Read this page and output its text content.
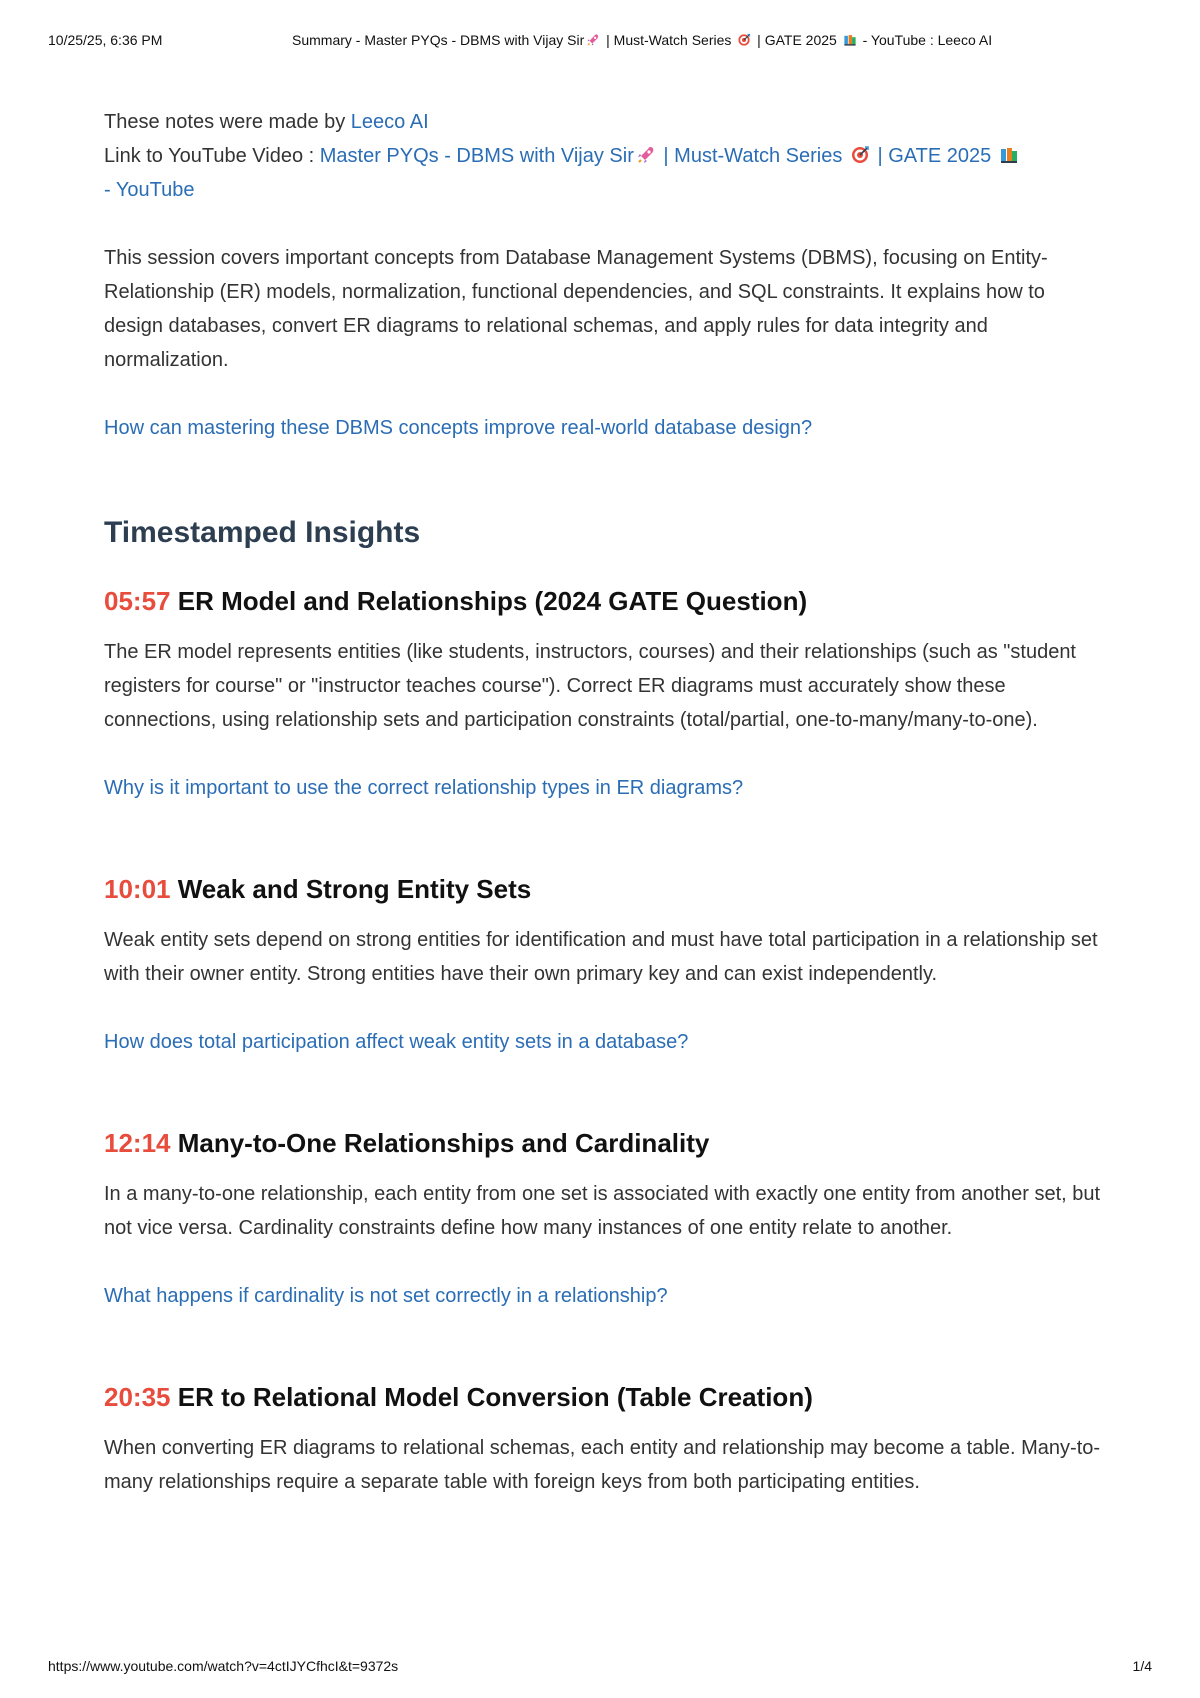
10/25/25, 6:36 PM	Summary - Master PYQs - DBMS with Vijay Sir | Must-Watch Series  | GATE 2025  - YouTube : Leeco AI
These notes were made by Leeco AI
Link to YouTube Video : Master PYQs - DBMS with Vijay Sir | Must-Watch Series  | GATE 2025
- YouTube
This session covers important concepts from Database Management Systems (DBMS), focusing on Entity-Relationship (ER) models, normalization, functional dependencies, and SQL constraints. It explains how to design databases, convert ER diagrams to relational schemas, and apply rules for data integrity and normalization.
How can mastering these DBMS concepts improve real-world database design?
Timestamped Insights
05:57 ER Model and Relationships (2024 GATE Question)
The ER model represents entities (like students, instructors, courses) and their relationships (such as "student registers for course" or "instructor teaches course"). Correct ER diagrams must accurately show these connections, using relationship sets and participation constraints (total/partial, one-to-many/many-to-one).
Why is it important to use the correct relationship types in ER diagrams?
10:01 Weak and Strong Entity Sets
Weak entity sets depend on strong entities for identification and must have total participation in a relationship set with their owner entity. Strong entities have their own primary key and can exist independently.
How does total participation affect weak entity sets in a database?
12:14 Many-to-One Relationships and Cardinality
In a many-to-one relationship, each entity from one set is associated with exactly one entity from another set, but not vice versa. Cardinality constraints define how many instances of one entity relate to another.
What happens if cardinality is not set correctly in a relationship?
20:35 ER to Relational Model Conversion (Table Creation)
When converting ER diagrams to relational schemas, each entity and relationship may become a table. Many-to-many relationships require a separate table with foreign keys from both participating entities.
https://www.youtube.com/watch?v=4ctIJYCfhcI&t=9372s	1/4
